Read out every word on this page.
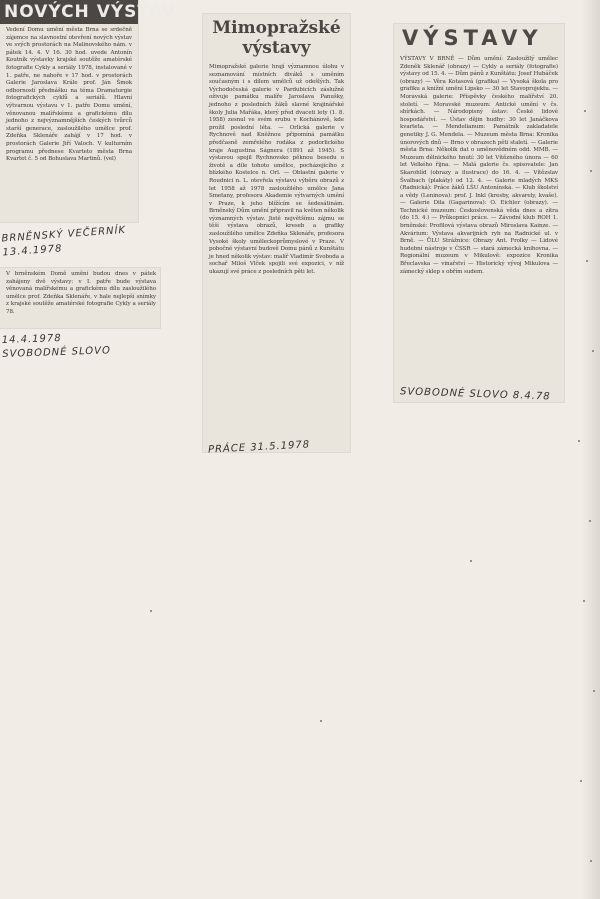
NOVÝCH VÝSTAV

Vedení Domu umění města Brna se srdečně zájemce na slavnostní otevření nových výstav ve svých prostorách na Malinovského nám. v pátek 14. 4. V 16. 30 hod. uvede Antonín Koutník výstavky krajské soutěže amatérské fotografie Cykly a seriály 1978, instalované v 1. patře, ne nahoře v 17 hod. v prostorách Galerie Jaroslava Krále prof. Ján Šmok odborností přednášku na téma Dramaturgie fotografických cyklů a seriálů. Hlavní výtvarnou výstavu v 1. patře Domu umění, věnovanou malířskému a grafickému dílu jednoho z nejvýznamnějších českých tvůrců starší generace, zasloužilého umělce prof. Zdeňka Sklenáře zahájí v 17 hod. v prostorách Galerie Jiří Valoch. V kulturním programu přednese Kvarteto města Brna Kvartet č. 5 od Bohuslava Martinů. (vel)

BRNĚNSKÝ VEČERNÍK 13.4.1978

V brněnském Domě umění budou dnes v pátek zahájeny dvě výstavy: v I. patře bude výstava věnovaná malířskému a grafickému dílu zasloužilého umělce prof. Zdeňka Sklenáře, v hale nejlepší snímky z krajské soutěže amatérské fotografie Cykly a seriály 78.

14.4.1978 SVOBODNÉ SLOVO
Mimopražské
výstavy

Mimopražské galerie hrají významnou úlohu v seznamování místních diváků s uměním současným i s dílem umělců už odešlých. Tak Východočeská galerie v Pardubicích záslužně oživuje památku malíře Jaroslava Panušky, jednoho z posledních žáků slavné krajinářské školy Julia Mařáka, který před dvaceti lety (1. 8. 1958) zesnul ve svém srubu v Kochánově, kde prožil poslední léta. — Orlická galerie v Rychnově nad Kněžnou připomíná památku předčasně zemřelého rodáka z podorlického kraje Augustina Ságnera (1891 až 1945). S výstavou spojil Rychnovsko pěknou besedu o životě a díle tohoto umělce, pocházejícího z blízkého Kostelce n. Orl. — Oblastní galerie v Roudnici n. L. otevřela výstavu výběru obrazů z let 1958 až 1978 zasloužilého umělce Jana Smetany, profesora Akademie výtvarných umění v Praze, k jeho blížícím se šedesátinám. Brněnský Dům umění připravil na květen několik významných výstav. Jistě největšímu zájmu se těší výstava obrazů, kreseb a grafiky zasloužilého umělce Zdeňka Sklenáře, profesora Vysoké školy uměleckoprůmyslové v Praze. V pobočné výstavní budově Domu pánů z Kunštátu je hned několik výstav: malíř Vladimír Svoboda a sochař Miloš Vlček spojili své expozici, v níž ukazují své práce z posledních pěti let.

PRÁCE 31.5.1978
VÝSTAVY

VÝSTAVY V BRNĚ — Dům umění: Zasloužilý umělec Zdeněk Sklenář (obrazy) — Cykly a seriály (fotografie) výstavy od 15. 4. — Dům pánů z Kunštátu: Josef Hubáček (obrazy) — Věra Kotasová (grafika) — Vysoká škola pro grafiku a knižní umění Lipsko — 30 let Stavoprojektu. — Moravská galerie: Příspěvky českého malířství 20. století. — Moravské muzeum: Antické umění v čs. sbírkách. — Národopisný ústav: České lidové hospodářství. — Ústav dějin hudby: 30 let Janáčkova kvarteta. — Mendelianum: Památník zakladatele genetiky J. G. Mendela. — Muzeum města Brna: Kronika únorových dnů — Brno v obrazech pěti staletí. — Galerie města Brna: Několik dat o uměnovědném odd. MMB. — Muzeum dělnického hnutí: 30 let Vítězného února — 60 let Velkého října. — Malá galerie čs. spisovatele: Jan Skarohlíd (obrazy a ilustrace) do 16. 4. — Vítězslav Švalbach (plakáty) od 12. 4. — Galerie mladých MKS (Radnická): Práce žáků LŠU Antonínská. — Klub školství a vědy (Leninova): prof. J. Inkl (kresby, akvarely, kvaše). — Galerie Dila (Gagarinova): O. Eichler (obrazy). — Technické muzeum: Československá věda dnes a zítra (do 15. 4.) — Průkopníci práce. — Závodní klub ROH 1. brněnské: Profilová výstava obrazů Miroslava Kainze. — Akvárium: Výstava akvarijních ryb na Radnické ul. v Brně. — ŮLU Strážnice: Obrazy Ant. Frolky — Lidové hudební nástroje v ČSSR — stará zámecká knihovna. — Regionální muzeum v Mikulově: expozice Kronika Břeclavska — vinařství — Historický vývoj Mikulova — zámecký sklep s obřím sudem.

SVOBODNÉ SLOVO 8.4.78
